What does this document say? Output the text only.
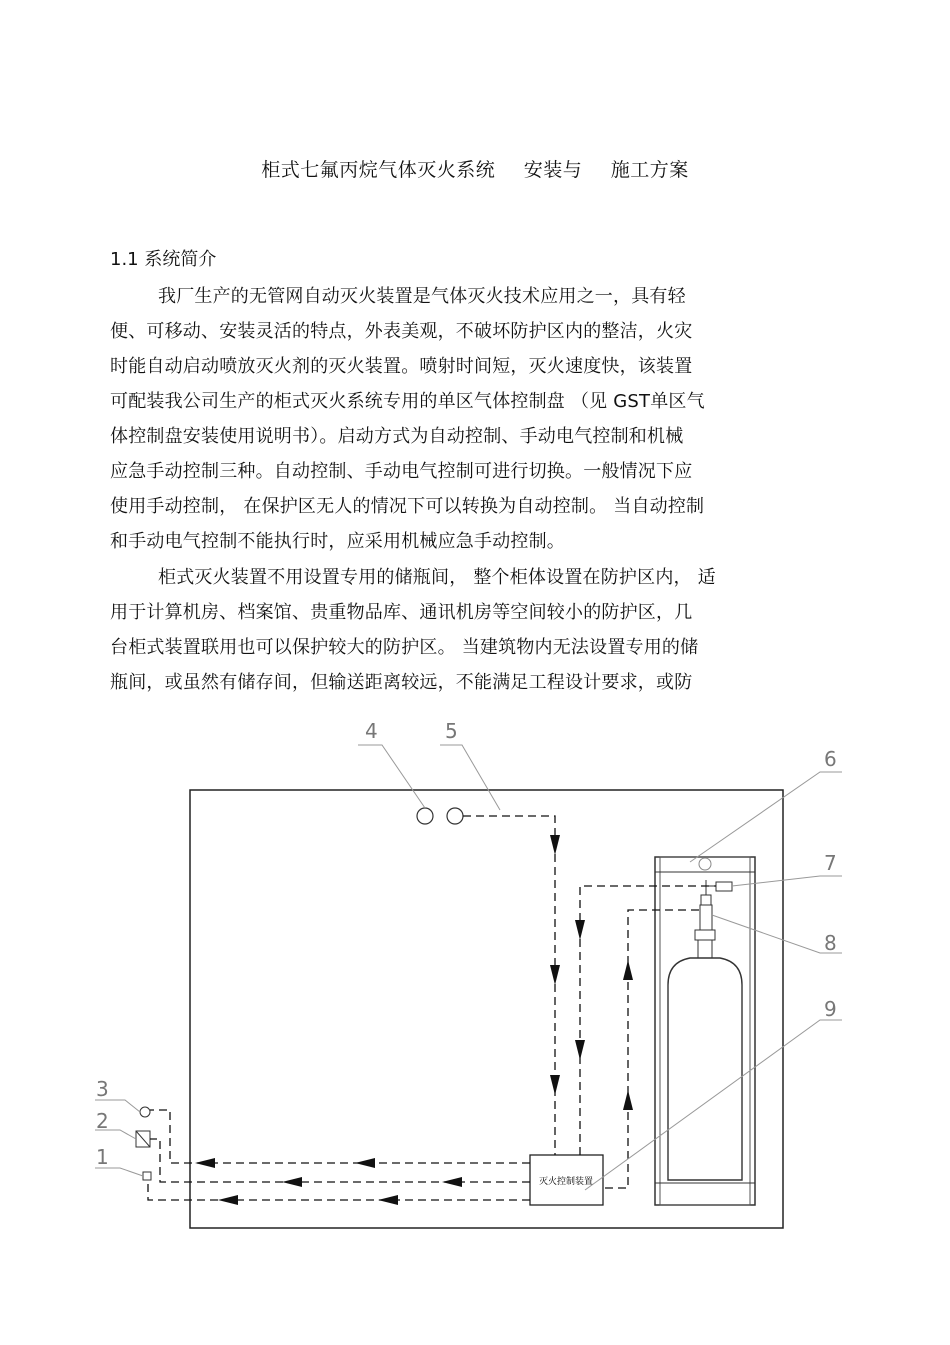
柜式七氟丙烷气体灭火系统 安装与 施工方案
1.1 系统简介
我厂生产的无管网自动灭火装置是气体灭火技术应用之一，具有轻
便、可移动、安装灵活的特点，外表美观，不破坏防护区内的整洁，火灾
时能自动启动喷放灭火剂的灭火装置。喷射时间短，灭火速度快，该装置
可配装我公司生产的柜式灭火系统专用的单区气体控制盘 （见 GST单区气
体控制盘安装使用说明书）。启动方式为自动控制、手动电气控制和机械
应急手动控制三种。自动控制、手动电气控制可进行切换。一般情况下应
使用手动控制， 在保护区无人的情况下可以转换为自动控制。 当自动控制
和手动电气控制不能执行时，应采用机械应急手动控制。
柜式灭火装置不用设置专用的储瓶间， 整个柜体设置在防护区内， 适
用于计算机房、档案馆、贵重物品库、通讯机房等空间较小的防护区，几
台柜式装置联用也可以保护较大的防护区。 当建筑物内无法设置专用的储
瓶间，或虽然有储存间，但输送距离较远，不能满足工程设计要求，或防
灭火控制装置
1
2
3
4	5
6
7
8
9
